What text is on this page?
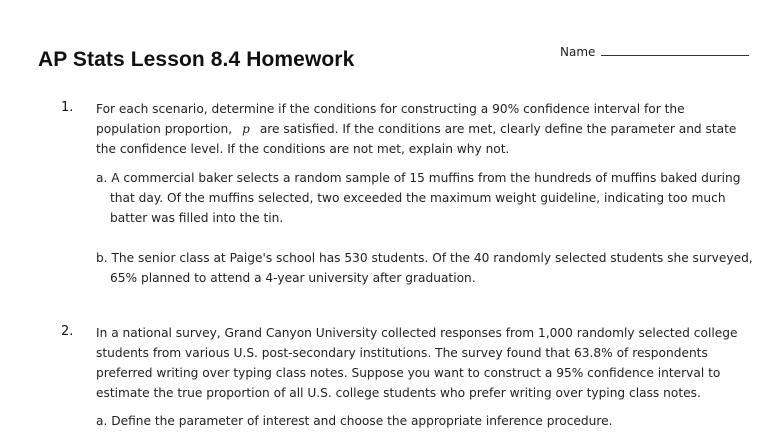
AP Stats Lesson 8.4 Homework	Name
1. For each scenario, determine if the conditions for constructing a 90% confidence interval for the population proportion, p are satisfied. If the conditions are met, clearly define the parameter and state the confidence level. If the conditions are not met, explain why not.

a. A commercial baker selects a random sample of 15 muffins from the hundreds of muffins baked during that day. Of the muffins selected, two exceeded the maximum weight guideline, indicating too much batter was filled into the tin.

b. The senior class at Paige's school has 530 students. Of the 40 randomly selected students she surveyed, 65% planned to attend a 4-year university after graduation.

2. In a national survey, Grand Canyon University collected responses from 1,000 randomly selected college students from various U.S. post-secondary institutions. The survey found that 63.8% of respondents preferred writing over typing class notes. Suppose you want to construct a 95% confidence interval to estimate the true proportion of all U.S. college students who prefer writing over typing class notes.

a. Define the parameter of interest and choose the appropriate inference procedure.
